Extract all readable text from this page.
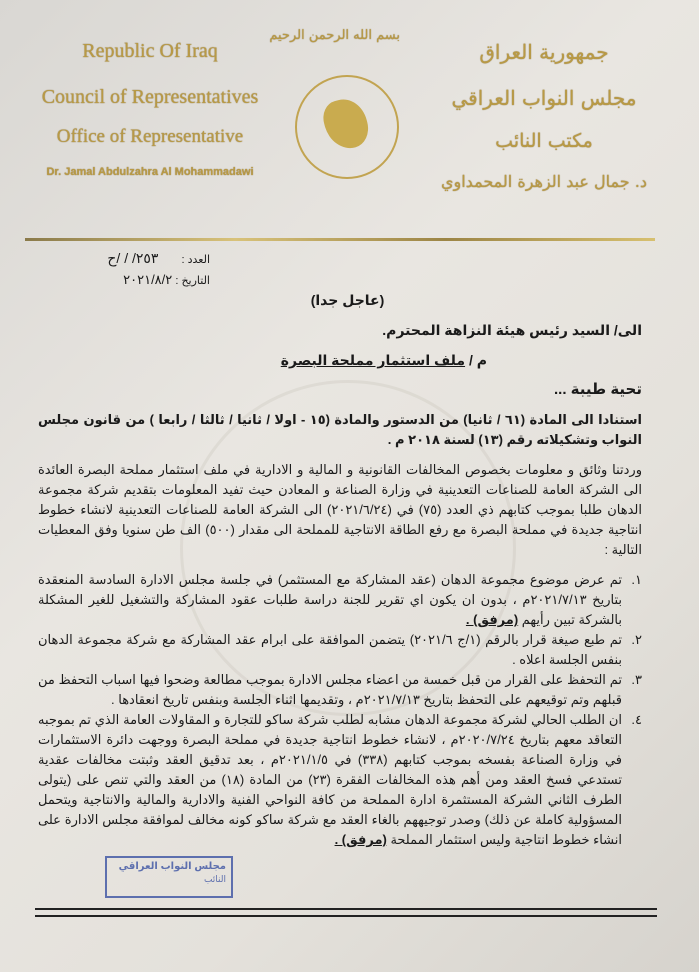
Republic Of Iraq
Council of Representatives
Office of Representative
Dr. Jamal Abdulzahra Al Mohammadawi
بسم الله الرحمن الرحيم
جمهورية العراق
مجلس النواب العراقي
مكتب النائب
د. جمال عبد الزهرة المحمداوي
العدد : ٢٥٣/ / /ح
التاريخ : ٢٠٢١/٨/٢
(عاجل جدا)
الى/ السيد رئيس هيئة النزاهة المحترم.
م / ملف استثمار مملحة البصرة
تحية طيبة ...
استنادا الى المادة (٦١ / ثانيا) من الدستور والمادة (١٥ - اولا / ثانيا / ثالثا / رابعا ) من قانون مجلس النواب وتشكيلاته رقم (١٣) لسنة ٢٠١٨ م .
وردتنا وثائق و معلومات بخصوص المخالفات القانونية و المالية و الادارية في ملف استثمار مملحة البصرة العائدة الى الشركة العامة للصناعات التعدينية في وزارة الصناعة و المعادن حيث تفيد المعلومات بتقديم شركة مجموعة الدهان طلبا بموجب كتابهم ذي العدد (٧٥) في (٢٠٢١/٦/٢٤) الى الشركة العامة للصناعات التعدينية لانشاء خطوط انتاجية جديدة في مملحة البصرة مع رفع الطاقة الانتاجية للمملحة الى مقدار (٥٠٠) الف طن سنويا وفق المعطيات التالية :
١.
تم عرض موضوع مجموعة الدهان (عقد المشاركة مع المستثمر) في جلسة مجلس الادارة السادسة المنعقدة بتاريخ ٢٠٢١/٧/١٣م ، بدون ان يكون اي تقرير للجنة دراسة طلبات عقود المشاركة والتشغيل للغير المشكلة بالشركة تبين رأيهم (مرفق) .
٢.
تم طبع صيغة قرار بالرقم (١/ج ٢٠٢١/٦) يتضمن الموافقة على ابرام عقد المشاركة مع شركة مجموعة الدهان بنفس الجلسة اعلاه .
٣.
تم التحفظ على القرار من قبل خمسة من اعضاء مجلس الادارة بموجب مطالعة وضحوا فيها اسباب التحفظ من قبلهم وتم توقيعهم على التحفظ بتاريخ ٢٠٢١/٧/١٣م ، وتقديمها اثناء الجلسة وبنفس تاريخ انعقادها .
٤.
ان الطلب الحالي لشركة مجموعة الدهان مشابه لطلب شركة ساكو للتجارة و المقاولات العامة الذي تم بموجبه التعاقد معهم بتاريخ ٢٠٢٠/٧/٢٤م ، لانشاء خطوط انتاجية جديدة في مملحة البصرة ووجهت دائرة الاستثمارات في وزارة الصناعة بفسخه بموجب كتابهم (٣٣٨) في ٢٠٢١/١/٥م ، بعد تدقيق العقد وثبتت مخالفات عقدية تستدعي فسخ العقد ومن أهم هذه المخالفات الفقرة (٢٣) من المادة (١٨) من العقد والتي تنص على (يتولى الطرف الثاني الشركة المستثمرة ادارة المملحة من كافة النواحي الفنية والادارية والمالية والانتاجية ويتحمل المسؤولية كاملة عن ذلك) وصدر توجيههم بالغاء العقد مع شركة ساكو كونه مخالف لموافقة مجلس الادارة على انشاء خطوط انتاجية وليس استثمار المملحة (مرفق) .
مجلس النواب العراقي
النائب
